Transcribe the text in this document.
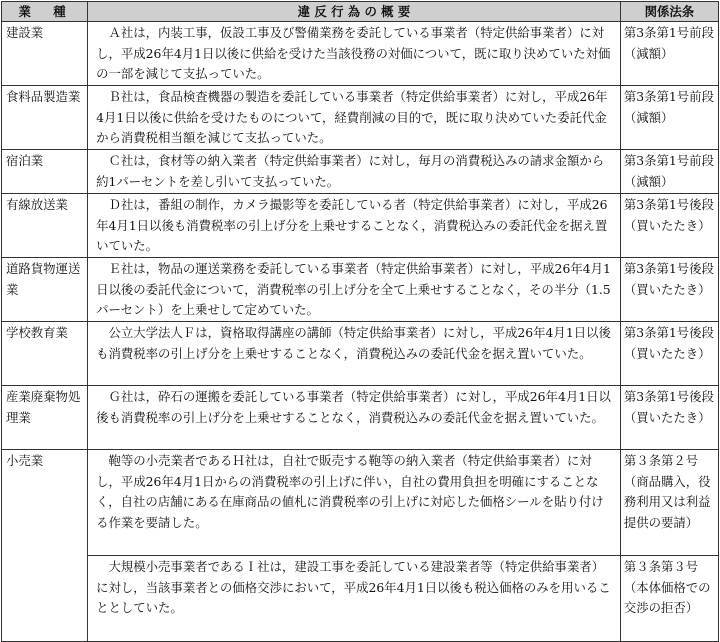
業　種	違 反 行 為 の 概 要	関係法条
建設業	Ａ社は，内装工事，仮設工事及び警備業務を委託している事業者（特定供給事業者）に対し，平成26年4月1日以後に供給を受けた当該役務の対価について，既に取り決めていた対価の一部を減じて支払っていた。	第3条第1号前段（減額）
食料品製造業	Ｂ社は，食品検査機器の製造を委託している事業者（特定供給事業者）に対し，平成26年4月1日以後に供給を受けたものについて，経費削減の目的で，既に取り決めていた委託代金から消費税相当額を減じて支払っていた。	第3条第1号前段（減額）
宿泊業	Ｃ社は，食材等の納入業者（特定供給事業者）に対し，毎月の消費税込みの請求金額から約1パーセントを差し引いて支払っていた。	第3条第1号前段（減額）
有線放送業	Ｄ社は，番組の制作，カメラ撮影等を委託している者（特定供給事業者）に対し，平成26年4月1日以後も消費税率の引上げ分を上乗せすることなく，消費税込みの委託代金を据え置いていた。	第3条第1号後段（買いたたき）
道路貨物運送業	Ｅ社は，物品の運送業務を委託している事業者（特定供給事業者）に対し，平成26年4月1日以後の委託代金について，消費税率の引上げ分を全て上乗せすることなく，その半分（1.5パーセント）を上乗せして定めていた。	第3条第1号後段（買いたたき）
学校教育業	公立大学法人Ｆは，資格取得講座の講師（特定供給事業者）に対し，平成26年4月1日以後も消費税率の引上げ分を上乗せすることなく，消費税込みの委託代金を据え置いていた。	第3条第1号後段（買いたたき）
産業廃棄物処理業	Ｇ社は，砕石の運搬を委託している事業者（特定供給事業者）に対し，平成26年4月1日以後も消費税率の引上げ分を上乗せすることなく，消費税込みの委託代金を据え置いていた。	第3条第1号後段（買いたたき）
小売業	鞄等の小売業者であるＨ社は，自社で販売する鞄等の納入業者（特定供給事業者）に対し，平成26年4月1日からの消費税率の引上げに伴い，自社の費用負担を明確にすることなく，自社の店舗にある在庫商品の値札に消費税率の引上げに対応した価格シールを貼り付ける作業を要請した。	第３条第２号（商品購入，役務利用又は利益提供の要請）

	大規模小売事業者であるＩ社は，建設工事を委託している建設業者等（特定供給事業者）に対し，当該事業者との価格交渉において，平成26年4月1日以後も税込価格のみを用いることとしていた。	第３条第３号（本体価格での交渉の拒否）
